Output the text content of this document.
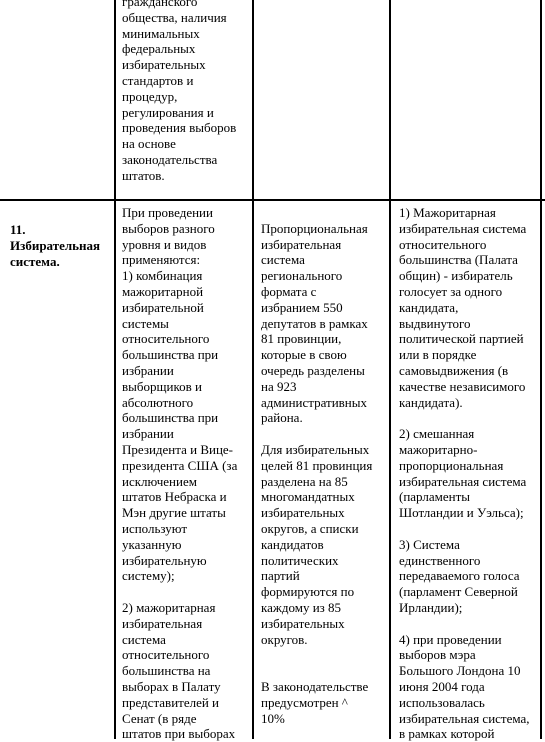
гражданского
общества, наличия
минимальных
федеральных
избирательных
стандартов и
процедур,
регулирования и
проведения выборов
на основе
законодательства
штатов.
11.
Избирательная
система.
При проведении
выборов разного
уровня и видов
применяются:
1) комбинация
мажоритарной
избирательной
системы
относительного
большинства при
избрании
выборщиков и
абсолютного
большинства при
избрании
Президента и Вице-
президента США (за
исключением
штатов Небраска и
Мэн другие штаты
используют
указанную
избирательную
систему);
2) мажоритарная
избирательная
система
относительного
большинства на
выборах в Палату
представителей и
Сенат (в ряде
штатов при выборах
Пропорциональная
избирательная
система
регионального
формата с
избранием 550
депутатов в рамках
81 провинции,
которые в свою
очередь разделены
на 923
административных
района.
Для избирательных
целей 81 провинция
разделена на 85
многомандатных
избирательных
округов, а списки
кандидатов
политических
партий
формируются по
каждому из 85
избирательных
округов.
В законодательстве
предусмотрен ^
10%
1) Мажоритарная
избирательная система
относительного
большинства (Палата
общин) - избиратель
голосует за одного
кандидата,
выдвинутого
политической партией
или в порядке
самовыдвижения (в
качестве независимого
кандидата).
2) смешанная
мажоритарно-
пропорциональная
избирательная система
(парламенты
Шотландии и Уэльса);
3) Система
единственного
передаваемого голоса
(парламент Северной
Ирландии);
4) при проведении
выборов мэра
Большого Лондона 10
июня 2004 года
использовалась
избирательная система,
в рамках которой
